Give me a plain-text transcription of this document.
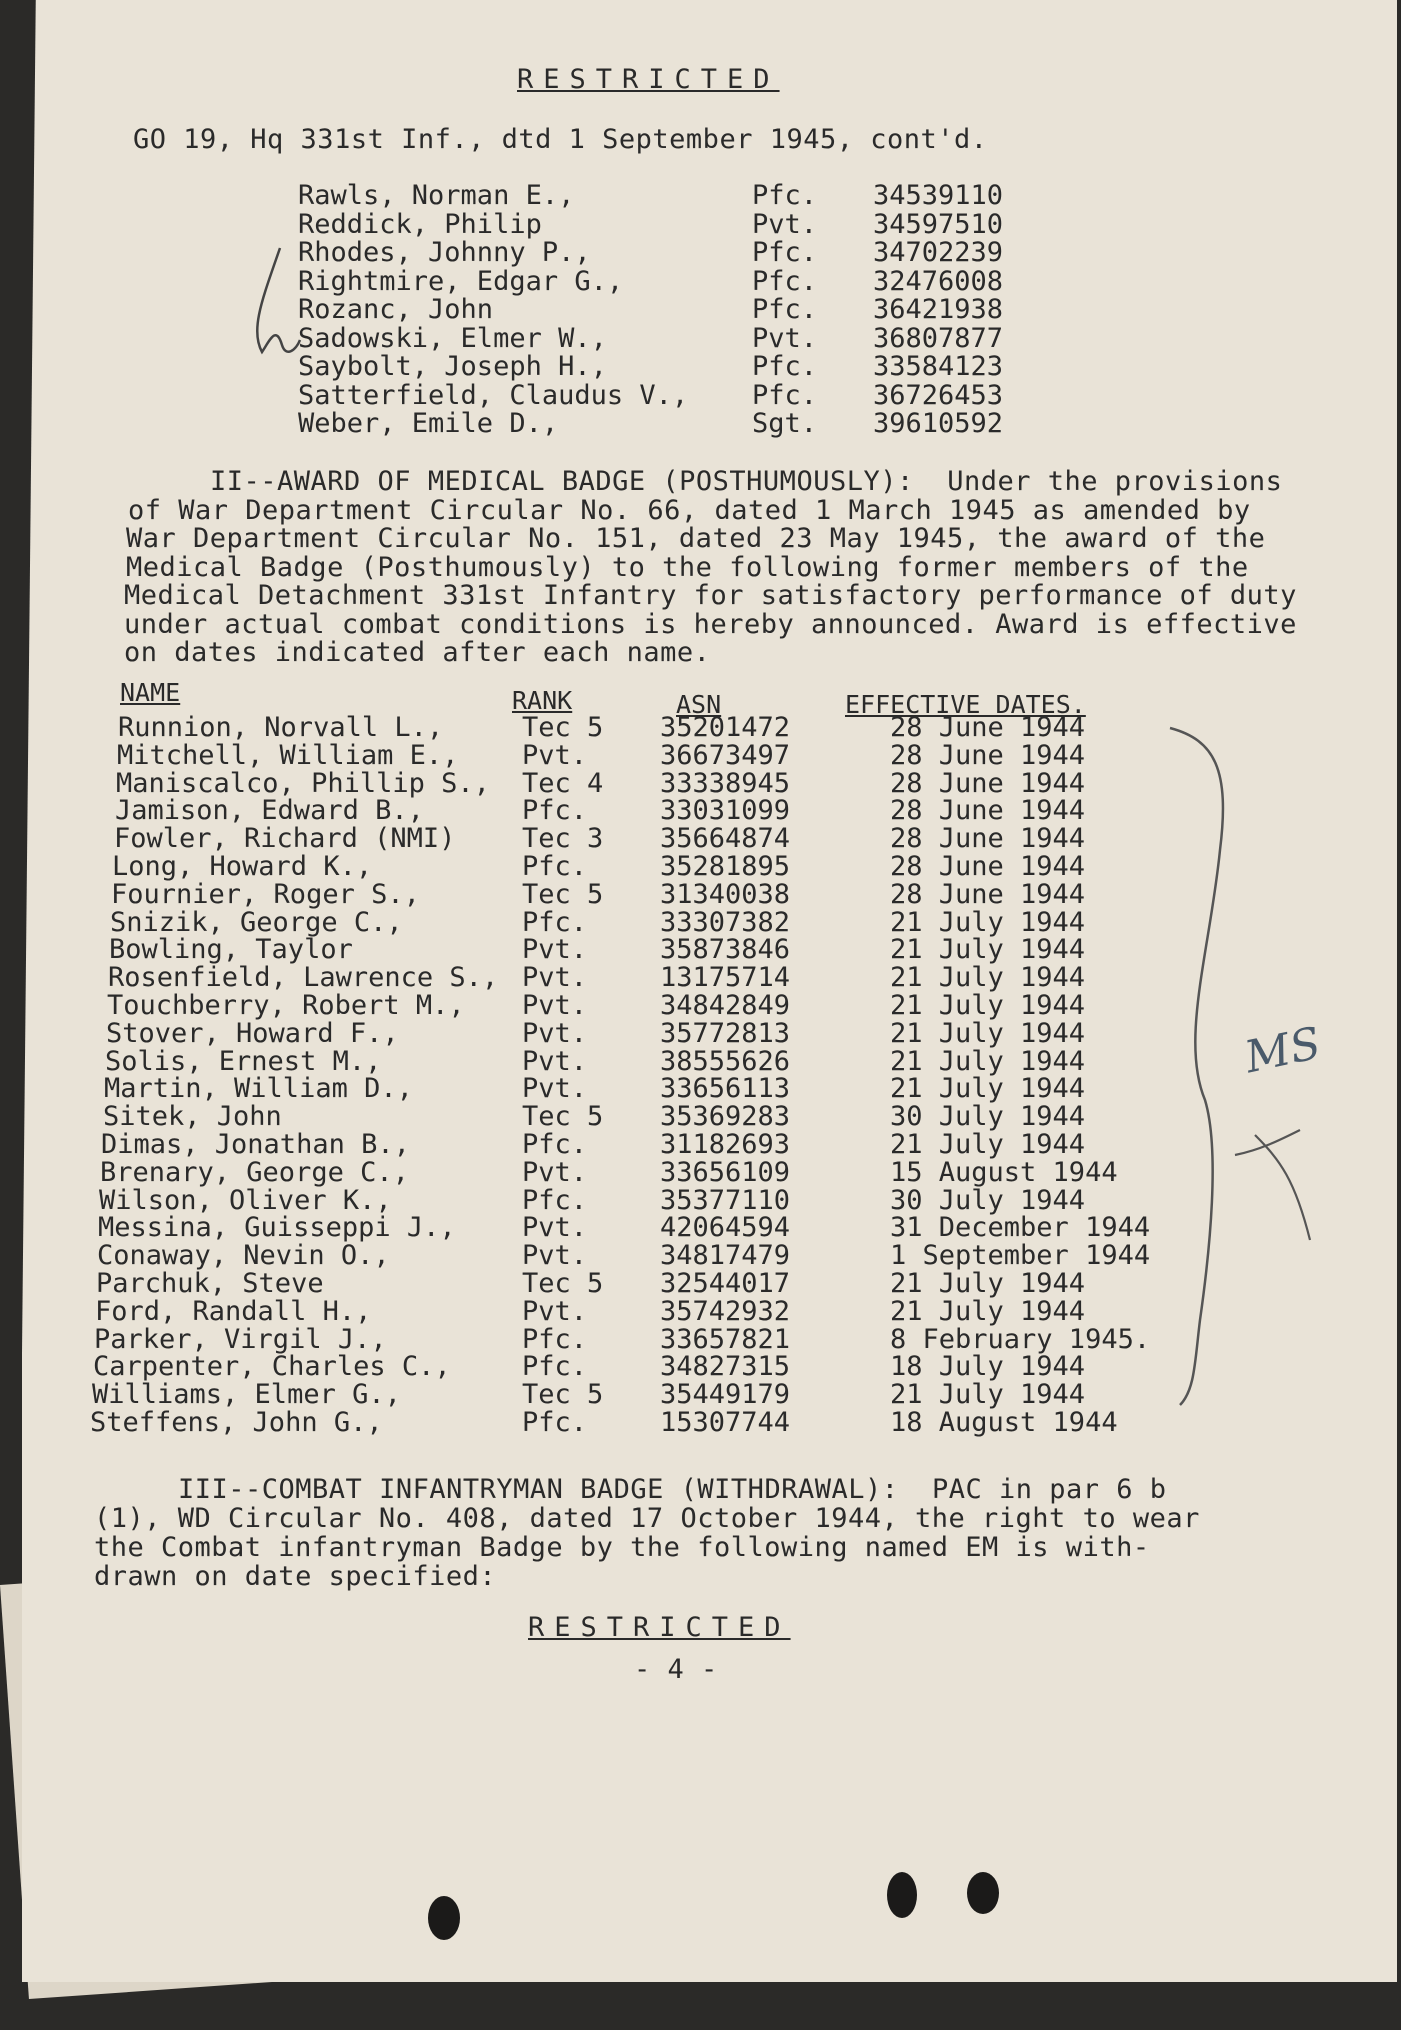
RESTRICTED
GO 19, Hq 331st Inf., dtd 1 September 1945, cont'd.
Rawls, Norman E.,	Pfc. 34539110
Reddick, Philip	Pvt. 34597510
Rhodes, Johnny P.,	Pfc. 34702239
Rightmire, Edgar G.,	Pfc. 32476008
Rozanc, John	Pfc. 36421938
Sadowski, Elmer W.,	Pvt. 36807877
Saybolt, Joseph H.,	Pfc. 33584123
Satterfield, Claudus V., Pfc. 36726453
Weber, Emile D.,	Sgt. 39610592
II--AWARD OF MEDICAL BADGE (POSTHUMOUSLY):  Under the provisions
of War Department Circular No. 66, dated 1 March 1945 as amended by
War Department Circular No. 151, dated 23 May 1945, the award of the
Medical Badge (Posthumously) to the following former members of the
Medical Detachment 331st Infantry for satisfactory performance of duty
under actual combat conditions is hereby announced. Award is effective
on dates indicated after each name.
NAME	RANK	ASN	EFFECTIVE DATES.
Runnion, Norvall L.,	Tec 5 35201472	28 June 1944
Mitchell, William E., Pvt.	36673497	28 June 1944
Maniscalco, Phillip S., Tec 4 33338945	28 June 1944
Jamison, Edward B.,	Pfc.	33031099	28 June 1944
Fowler, Richard (NMI) Tec 3 35664874	28 June 1944
Long, Howard K.,	Pfc.	35281895	28 June 1944
Fournier, Roger S.,	Tec 5 31340038	28 June 1944
Snizik, George C.,	Pfc.	33307382	21 July 1944
Bowling, Taylor	Pvt.	35873846	21 July 1944
Rosenfield, Lawrence S., Pvt.	13175714	21 July 1944
Touchberry, Robert M., Pvt.	34842849	21 July 1944
Stover, Howard F.,	Pvt.	35772813	21 July 1944
Solis, Ernest M.,	Pvt.	38555626	21 July 1944
Martin, William D.,	Pvt.	33656113	21 July 1944
Sitek, John	Tec 5 35369283	30 July 1944
Dimas, Jonathan B.,	Pfc.	31182693	21 July 1944
Brenary, George C.,	Pvt.	33656109	15 August 1944
Wilson, Oliver K.,	Pfc.	35377110	30 July 1944
Messina, Guisseppi J., Pvt.	42064594	31 December 1944
Conaway, Nevin O.,	Pvt.	34817479	1 September 1944
Parchuk, Steve	Tec 5 32544017	21 July 1944
Ford, Randall H.,	Pvt.	35742932	21 July 1944
Parker, Virgil J.,	Pfc.	33657821	8 February 1945.
Carpenter, Charles C.,	Pfc.	34827315	18 July 1944
Williams, Elmer G.,	Tec 5 35449179	21 July 1944
Steffens, John G.,	Pfc.	15307744	18 August 1944
III--COMBAT INFANTRYMAN BADGE (WITHDRAWAL):  PAC in par 6 b
(1), WD Circular No. 408, dated 17 October 1944, the right to wear
the Combat infantryman Badge by the following named EM is with-
drawn on date specified:
RESTRICTED
- 4 -
MS
